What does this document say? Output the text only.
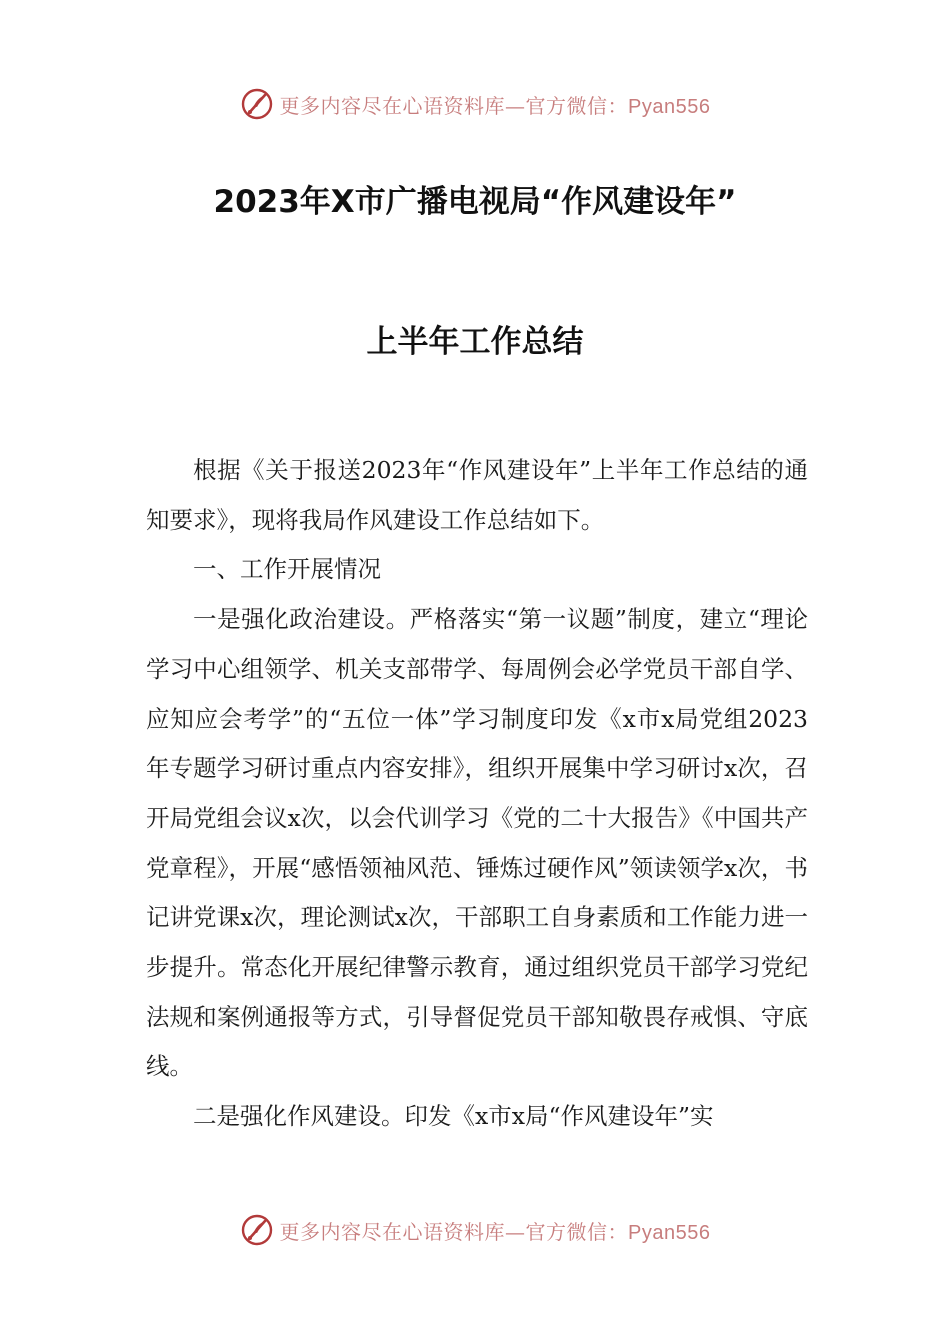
更多内容尽在心语资料库—官方微信：Pyan556
2023年X市广播电视局“作风建设年”
上半年工作总结

根据《关于报送2023年“作风建设年”上半年工作总结的通知要求》，现将我局作风建设工作总结如下。

一、工作开展情况

一是强化政治建设。严格落实“第一议题”制度，建立“理论学习中心组领学、机关支部带学、每周例会必学党员干部自学、应知应会考学”的“五位一体”学习制度印发《x市x局党组2023年专题学习研讨重点内容安排》，组织开展集中学习研讨x次，召开局党组会议x次，以会代训学习《党的二十大报告》《中国共产党章程》，开展“感悟领袖风范、锤炼过硬作风”领读领学x次，书记讲党课x次，理论测试x次，干部职工自身素质和工作能力进一步提升。常态化开展纪律警示教育，通过组织党员干部学习党纪法规和案例通报等方式，引导督促党员干部知敬畏存戒惧、守底线。

二是强化作风建设。印发《x市x局“作风建设年”实

更多内容尽在心语资料库—官方微信：Pyan556
